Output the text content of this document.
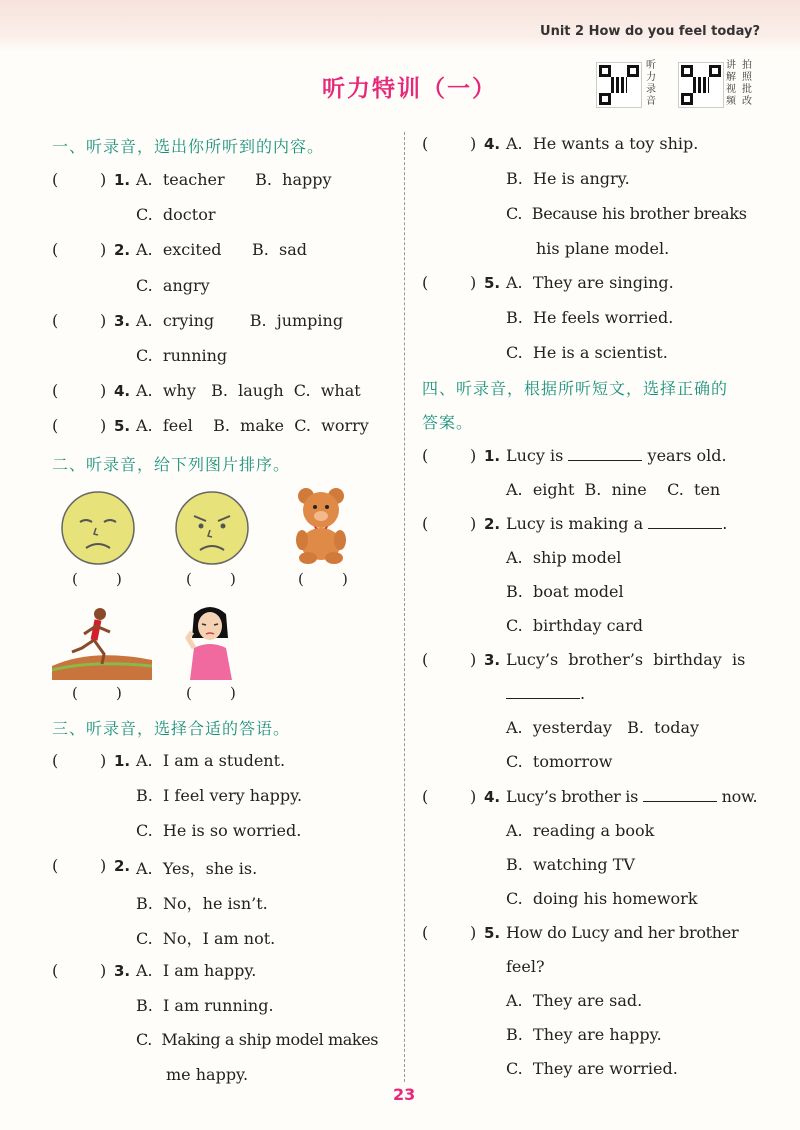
Unit 2 How do you feel today?
听力特训（一）
听力录音
讲解视频
拍照批改
一、听录音，选出你所听到的内容。
(	) 1. A.  teacher      B.  happy
C.  doctor
(	) 2. A.  excited      B.  sad
C.  angry
(	) 3. A.  crying       B.  jumping
C.  running
(	) 4. A.  why   B.  laugh  C.  what
(	) 5. A.  feel    B.  make  C.  worry
二、听录音，给下列图片排序。
(        )	(        )	(        )
(        )	(        )
三、听录音，选择合适的答语。
(	) 1. A.  I am a student.
B.  I feel very happy.
C.  He is so worried.
(	) 2. A.  Yes，she is.
B.  No，he isn’t.
C.  No，I am not.
(	) 3. A.  I am happy.
B.  I am running.
C.  Making a ship model makes
me happy.
(	) 4. A.  He wants a toy ship.
B.  He is angry.
C.  Because his brother breaks
his plane model.
(	) 5. A.  They are singing.
B.  He feels worried.
C.  He is a scientist.
四、听录音，根据所听短文，选择正确的
答案。
(	) 1. Lucy is	years old.
A.  eight  B.  nine    C.  ten
(	) 2. Lucy is making a	.
A.  ship model
B.  boat model
C.  birthday card
(	) 3. Lucy’s  brother’s  birthday  is
.
A.  yesterday   B.  today
C.  tomorrow
(	) 4. Lucy’s brother is	now.
A.  reading a book
B.  watching TV
C.  doing his homework
(	) 5. How do Lucy and her brother
feel?
A.  They are sad.
B.  They are happy.
C.  They are worried.
23
